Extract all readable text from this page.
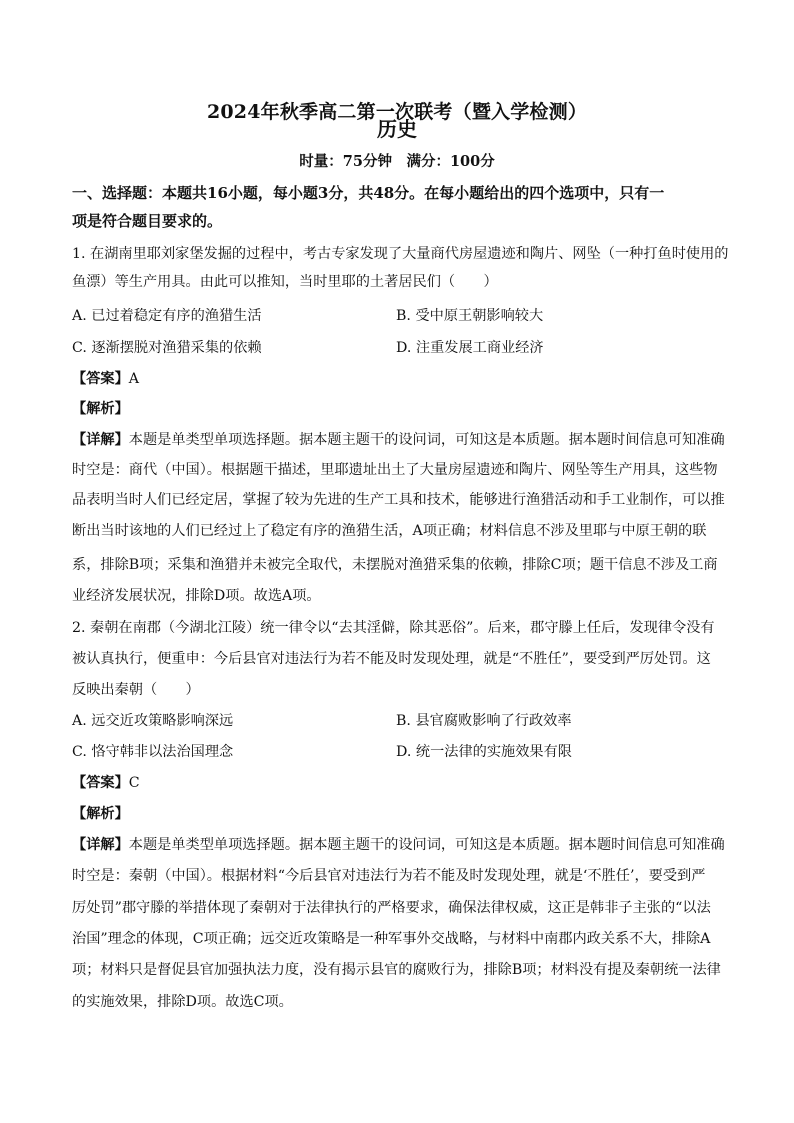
2024年秋季高二第一次联考（暨入学检测）
历史
时量：75分钟　满分：100分
一、选择题：本题共16小题，每小题3分，共48分。在每小题给出的四个选项中，只有一
项是符合题目要求的。
1. 在湖南里耶刘家堡发掘的过程中，考古专家发现了大量商代房屋遗迹和陶片、网坠（一种打鱼时使用的
鱼漂）等生产用具。由此可以推知，当时里耶的土著居民们（　　）
A. 已过着稳定有序的渔猎生活	B. 受中原王朝影响较大
C. 逐渐摆脱对渔猎采集的依赖	D. 注重发展工商业经济
【答案】A
【解析】
【详解】本题是单类型单项选择题。据本题主题干的设问词，可知这是本质题。据本题时间信息可知准确
时空是：商代（中国）。根据题干描述，里耶遗址出土了大量房屋遗迹和陶片、网坠等生产用具，这些物
品表明当时人们已经定居，掌握了较为先进的生产工具和技术，能够进行渔猎活动和手工业制作，可以推
断出当时该地的人们已经过上了稳定有序的渔猎生活，A项正确；材料信息不涉及里耶与中原王朝的联
系，排除B项；采集和渔猎并未被完全取代，未摆脱对渔猎采集的依赖，排除C项；题干信息不涉及工商
业经济发展状况，排除D项。故选A项。
2. 秦朝在南郡（今湖北江陵）统一律令以“去其淫僻，除其恶俗”。后来，郡守滕上任后，发现律令没有
被认真执行，便重申：今后县官对违法行为若不能及时发现处理，就是“不胜任”，要受到严厉处罚。这
反映出秦朝（　　）
A. 远交近攻策略影响深远	B. 县官腐败影响了行政效率
C. 恪守韩非以法治国理念	D. 统一法律的实施效果有限
【答案】C
【解析】
【详解】本题是单类型单项选择题。据本题主题干的设问词，可知这是本质题。据本题时间信息可知准确
时空是：秦朝（中国）。根据材料“今后县官对违法行为若不能及时发现处理，就是‘不胜任’，要受到严
厉处罚”郡守滕的举措体现了秦朝对于法律执行的严格要求，确保法律权威，这正是韩非子主张的“以法
治国”理念的体现，C项正确；远交近攻策略是一种军事外交战略，与材料中南郡内政关系不大，排除A
项；材料只是督促县官加强执法力度，没有揭示县官的腐败行为，排除B项；材料没有提及秦朝统一法律
的实施效果，排除D项。故选C项。
